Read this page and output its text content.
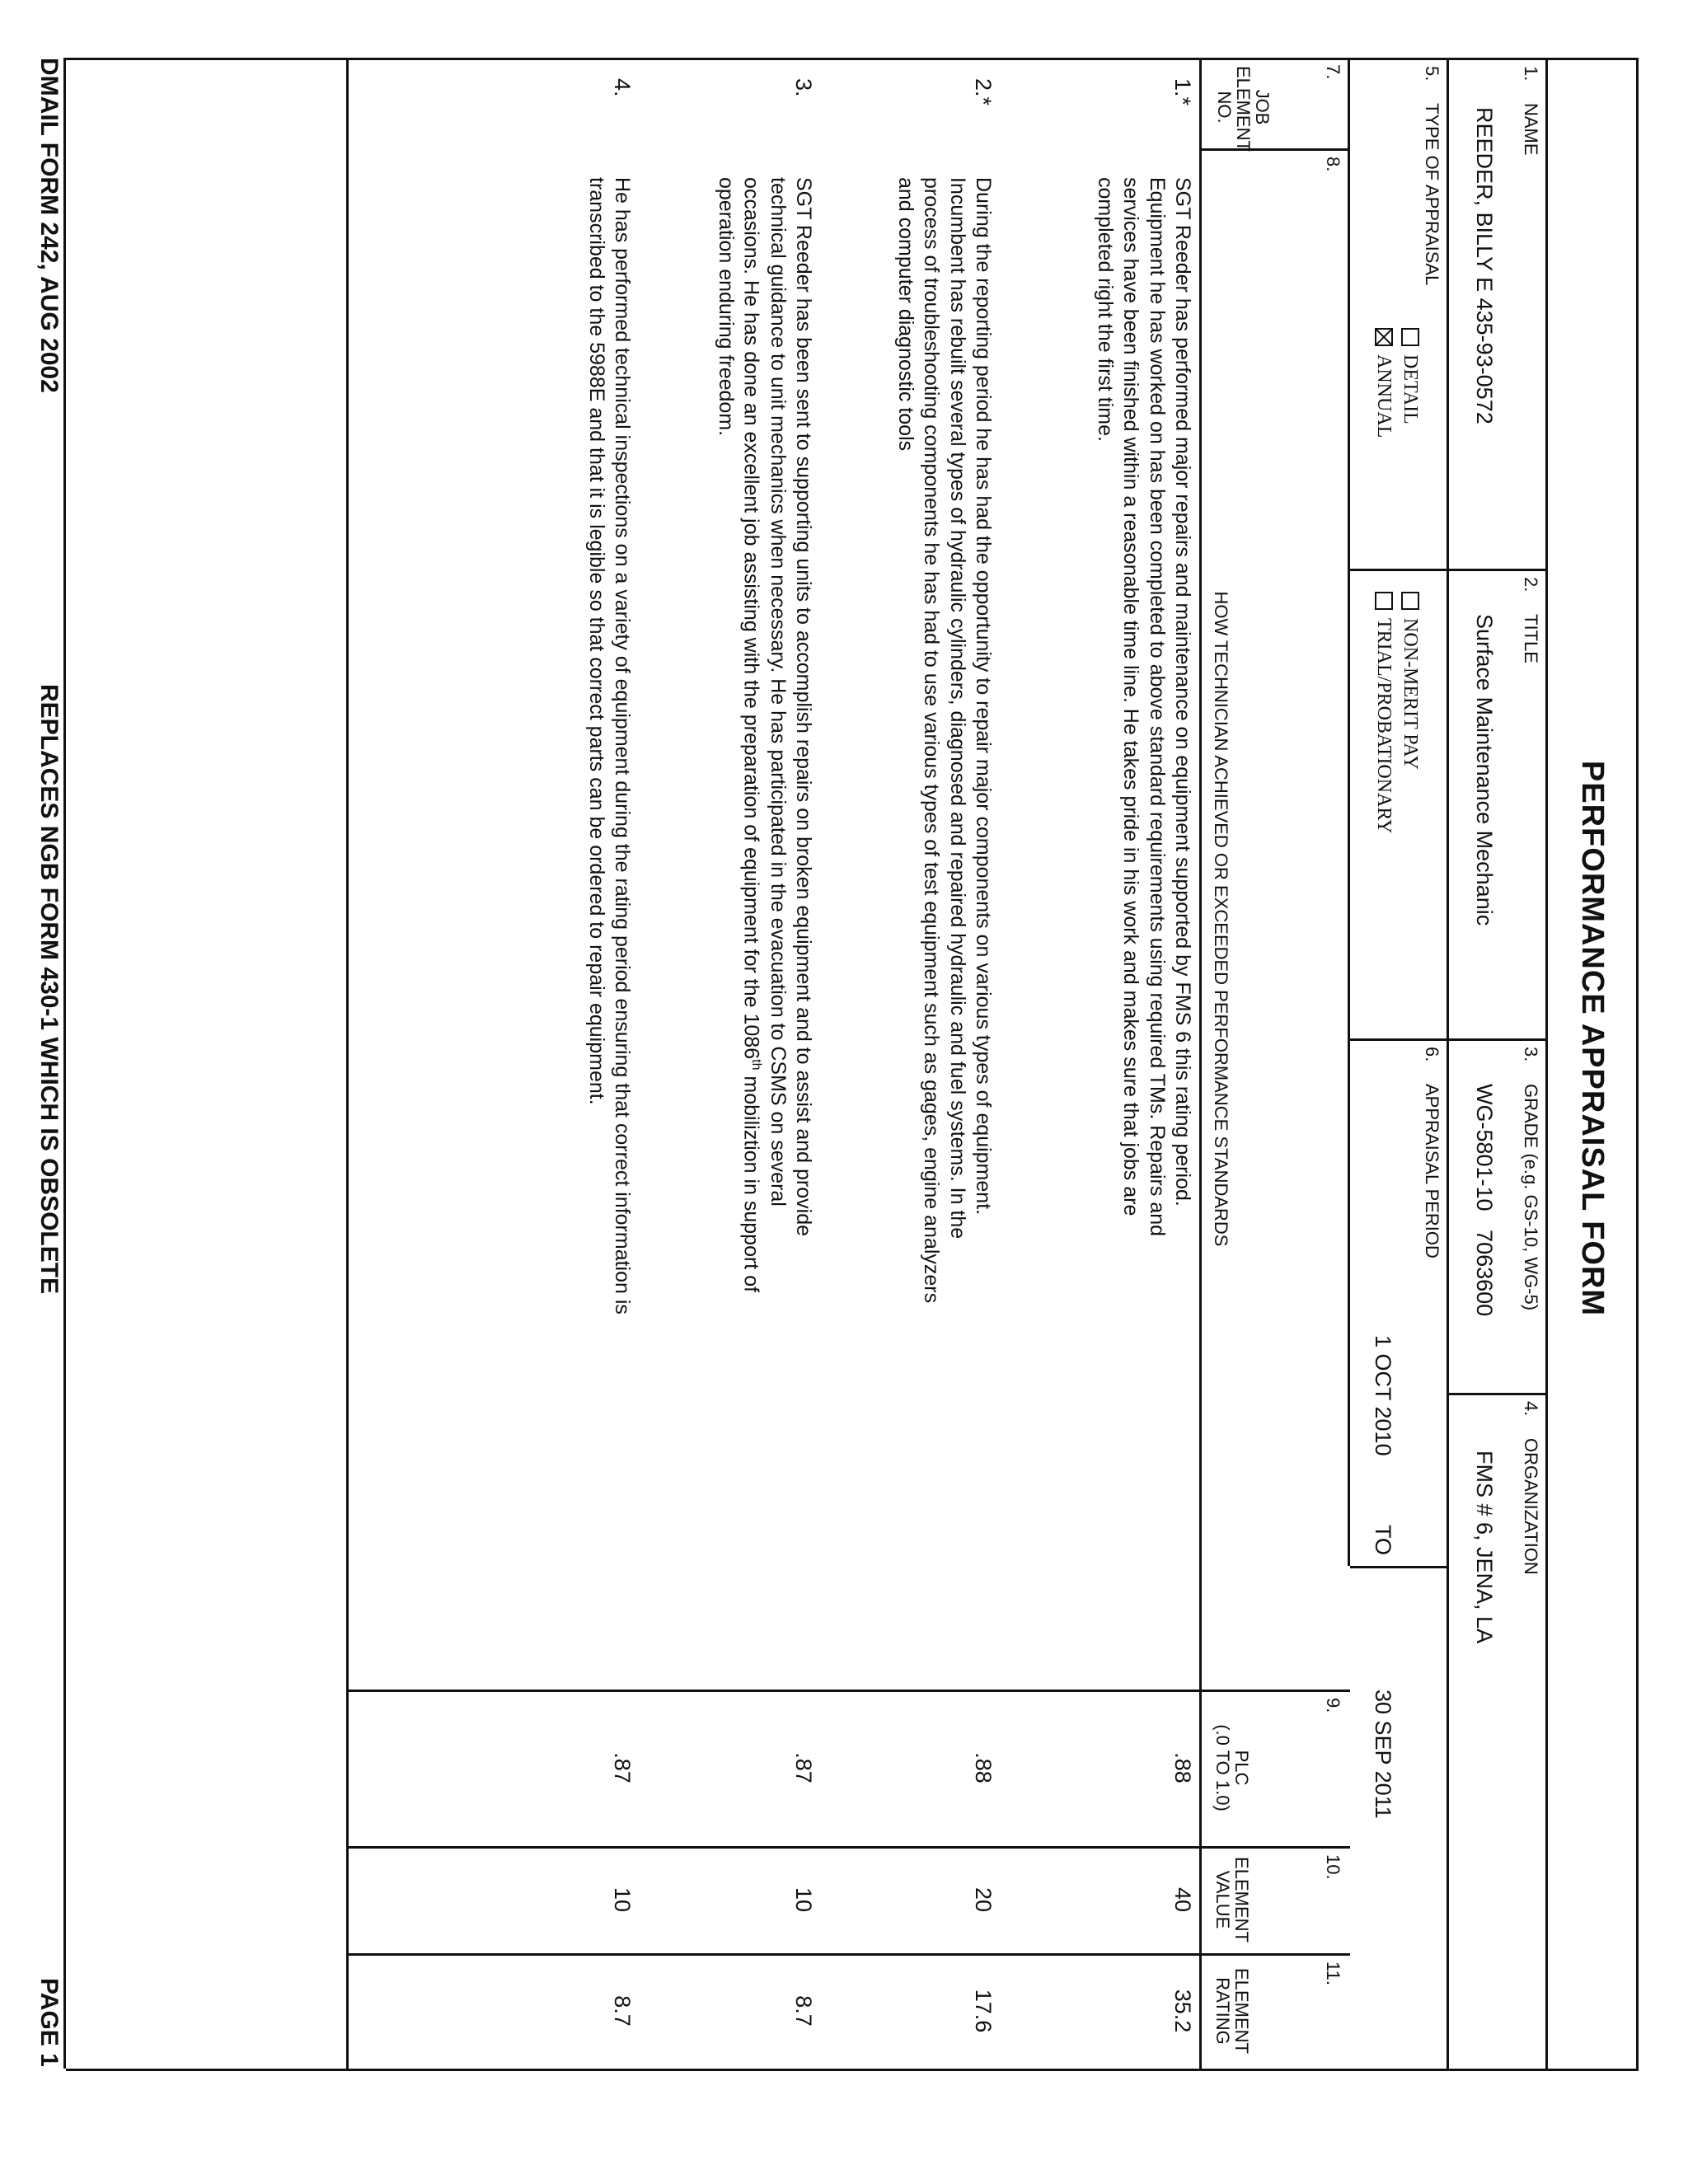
PERFORMANCE APPRAISAL FORM
1.
NAME
REEDER, BILLY E 435-93-0572
2.
TITLE
Surface Maintenance Mechanic
3.
GRADE (e.g. GS-10, WG-5)
WG-5801-10   7063600
4.
ORGANIZATION
FMS # 6, JENA, LA
5.
TYPE OF APPRAISAL
DETAIL
ANNUAL
NON-MERIT PAY
TRIAL/PROBATIONARY
6.
APPRAISAL PERIOD
1 OCT 2010
TO
30 SEP 2011
7.
JOB
ELEMENT
NO.
8.
HOW TECHNICIAN ACHIEVED OR EXCEEDED PERFORMANCE STANDARDS
9.
PLC
(.0 TO 1.0)
10.
ELEMENT
VALUE
11.
ELEMENT
RATING
1.*
SGT Reeder has performed major repairs and maintenance on equipment supported by FMS 6 this rating period.
Equipment he has worked on has been completed to above standard requirements using required TMs. Repairs and
services have been finished within a reasonable time line. He takes pride in his work and makes sure that jobs are
completed right the first time.
.88
40
35.2
2.*
During the reporting period he has had the opportunity to repair major components on various types of equipment.
Incumbent has rebuilt several types of hydraulic cylinders, diagnosed and repaired hydraulic and fuel systems. In the
process of troubleshooting components he has had to use various types of test equipment such as gages, engine analyzers
and computer diagnostic tools
.88
20
17.6
3.
SGT Reeder has been sent to supporting units to accomplish repairs on broken equipment and to assist and provide
technical guidance to unit mechanics when necessary. He has participated in the evacuation to CSMS on several
occasions. He has done an excellent job assisting with the preparation of equipment for the 1086th mobiliztion in support of
operation enduring freedom.
.87
10
8.7
4.
He has performed technical inspections on a variety of equipment during the rating period ensuring that correct information is
transcribed to the 5988E and that it is legible so that correct parts can be ordered to repair equipment.
.87
10
8.7
DMAIL FORM 242, AUG 2002
REPLACES NGB FORM 430-1 WHICH IS OBSOLETE
PAGE 1
